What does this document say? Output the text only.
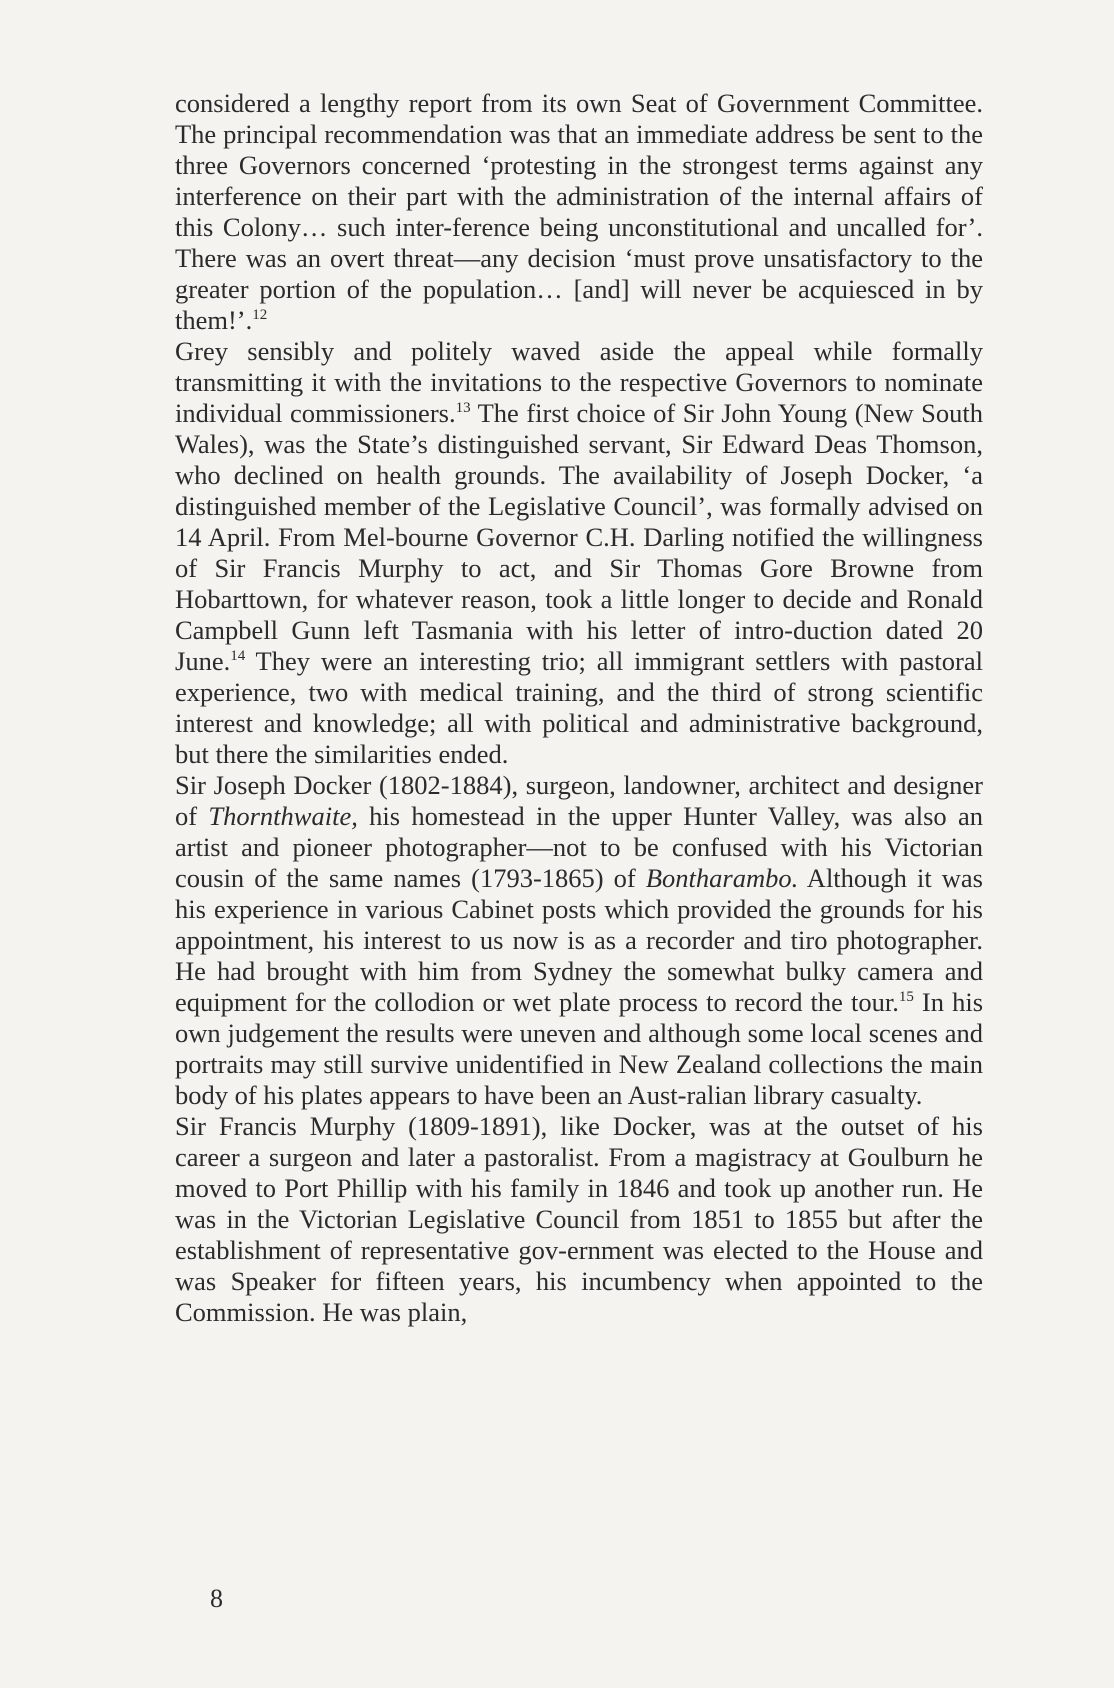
considered a lengthy report from its own Seat of Government Committee. The principal recommendation was that an immediate address be sent to the three Governors concerned ‘protesting in the strongest terms against any interference on their part with the administration of the internal affairs of this Colony… such inter-ference being unconstitutional and uncalled for’. There was an overt threat—any decision ‘must prove unsatisfactory to the greater portion of the population… [and] will never be acquiesced in by them!’.$^{12}$

Grey sensibly and politely waved aside the appeal while formally transmitting it with the invitations to the respective Governors to nominate individual commissioners.$^{13}$ The first choice of Sir John Young (New South Wales), was the State’s distinguished servant, Sir Edward Deas Thomson, who declined on health grounds. The availability of Joseph Docker, ‘a distinguished member of the Legislative Council’, was formally advised on 14 April. From Mel-bourne Governor C.H. Darling notified the willingness of Sir Francis Murphy to act, and Sir Thomas Gore Browne from Hobarttown, for whatever reason, took a little longer to decide and Ronald Campbell Gunn left Tasmania with his letter of intro-duction dated 20 June.$^{14}$ They were an interesting trio; all immigrant settlers with pastoral experience, two with medical training, and the third of strong scientific interest and knowledge; all with political and administrative background, but there the similarities ended.

Sir Joseph Docker (1802-1884), surgeon, landowner, architect and designer of Thornthwaite, his homestead in the upper Hunter Valley, was also an artist and pioneer photographer—not to be confused with his Victorian cousin of the same names (1793-1865) of Bontharambo. Although it was his experience in various Cabinet posts which provided the grounds for his appointment, his interest to us now is as a recorder and tiro photographer. He had brought with him from Sydney the somewhat bulky camera and equipment for the collodion or wet plate process to record the tour.$^{15}$ In his own judgement the results were uneven and although some local scenes and portraits may still survive unidentified in New Zealand collections the main body of his plates appears to have been an Aust-ralian library casualty.

Sir Francis Murphy (1809-1891), like Docker, was at the outset of his career a surgeon and later a pastoralist. From a magistracy at Goulburn he moved to Port Phillip with his family in 1846 and took up another run. He was in the Victorian Legislative Council from 1851 to 1855 but after the establishment of representative gov-ernment was elected to the House and was Speaker for fifteen years, his incumbency when appointed to the Commission. He was plain,

8
